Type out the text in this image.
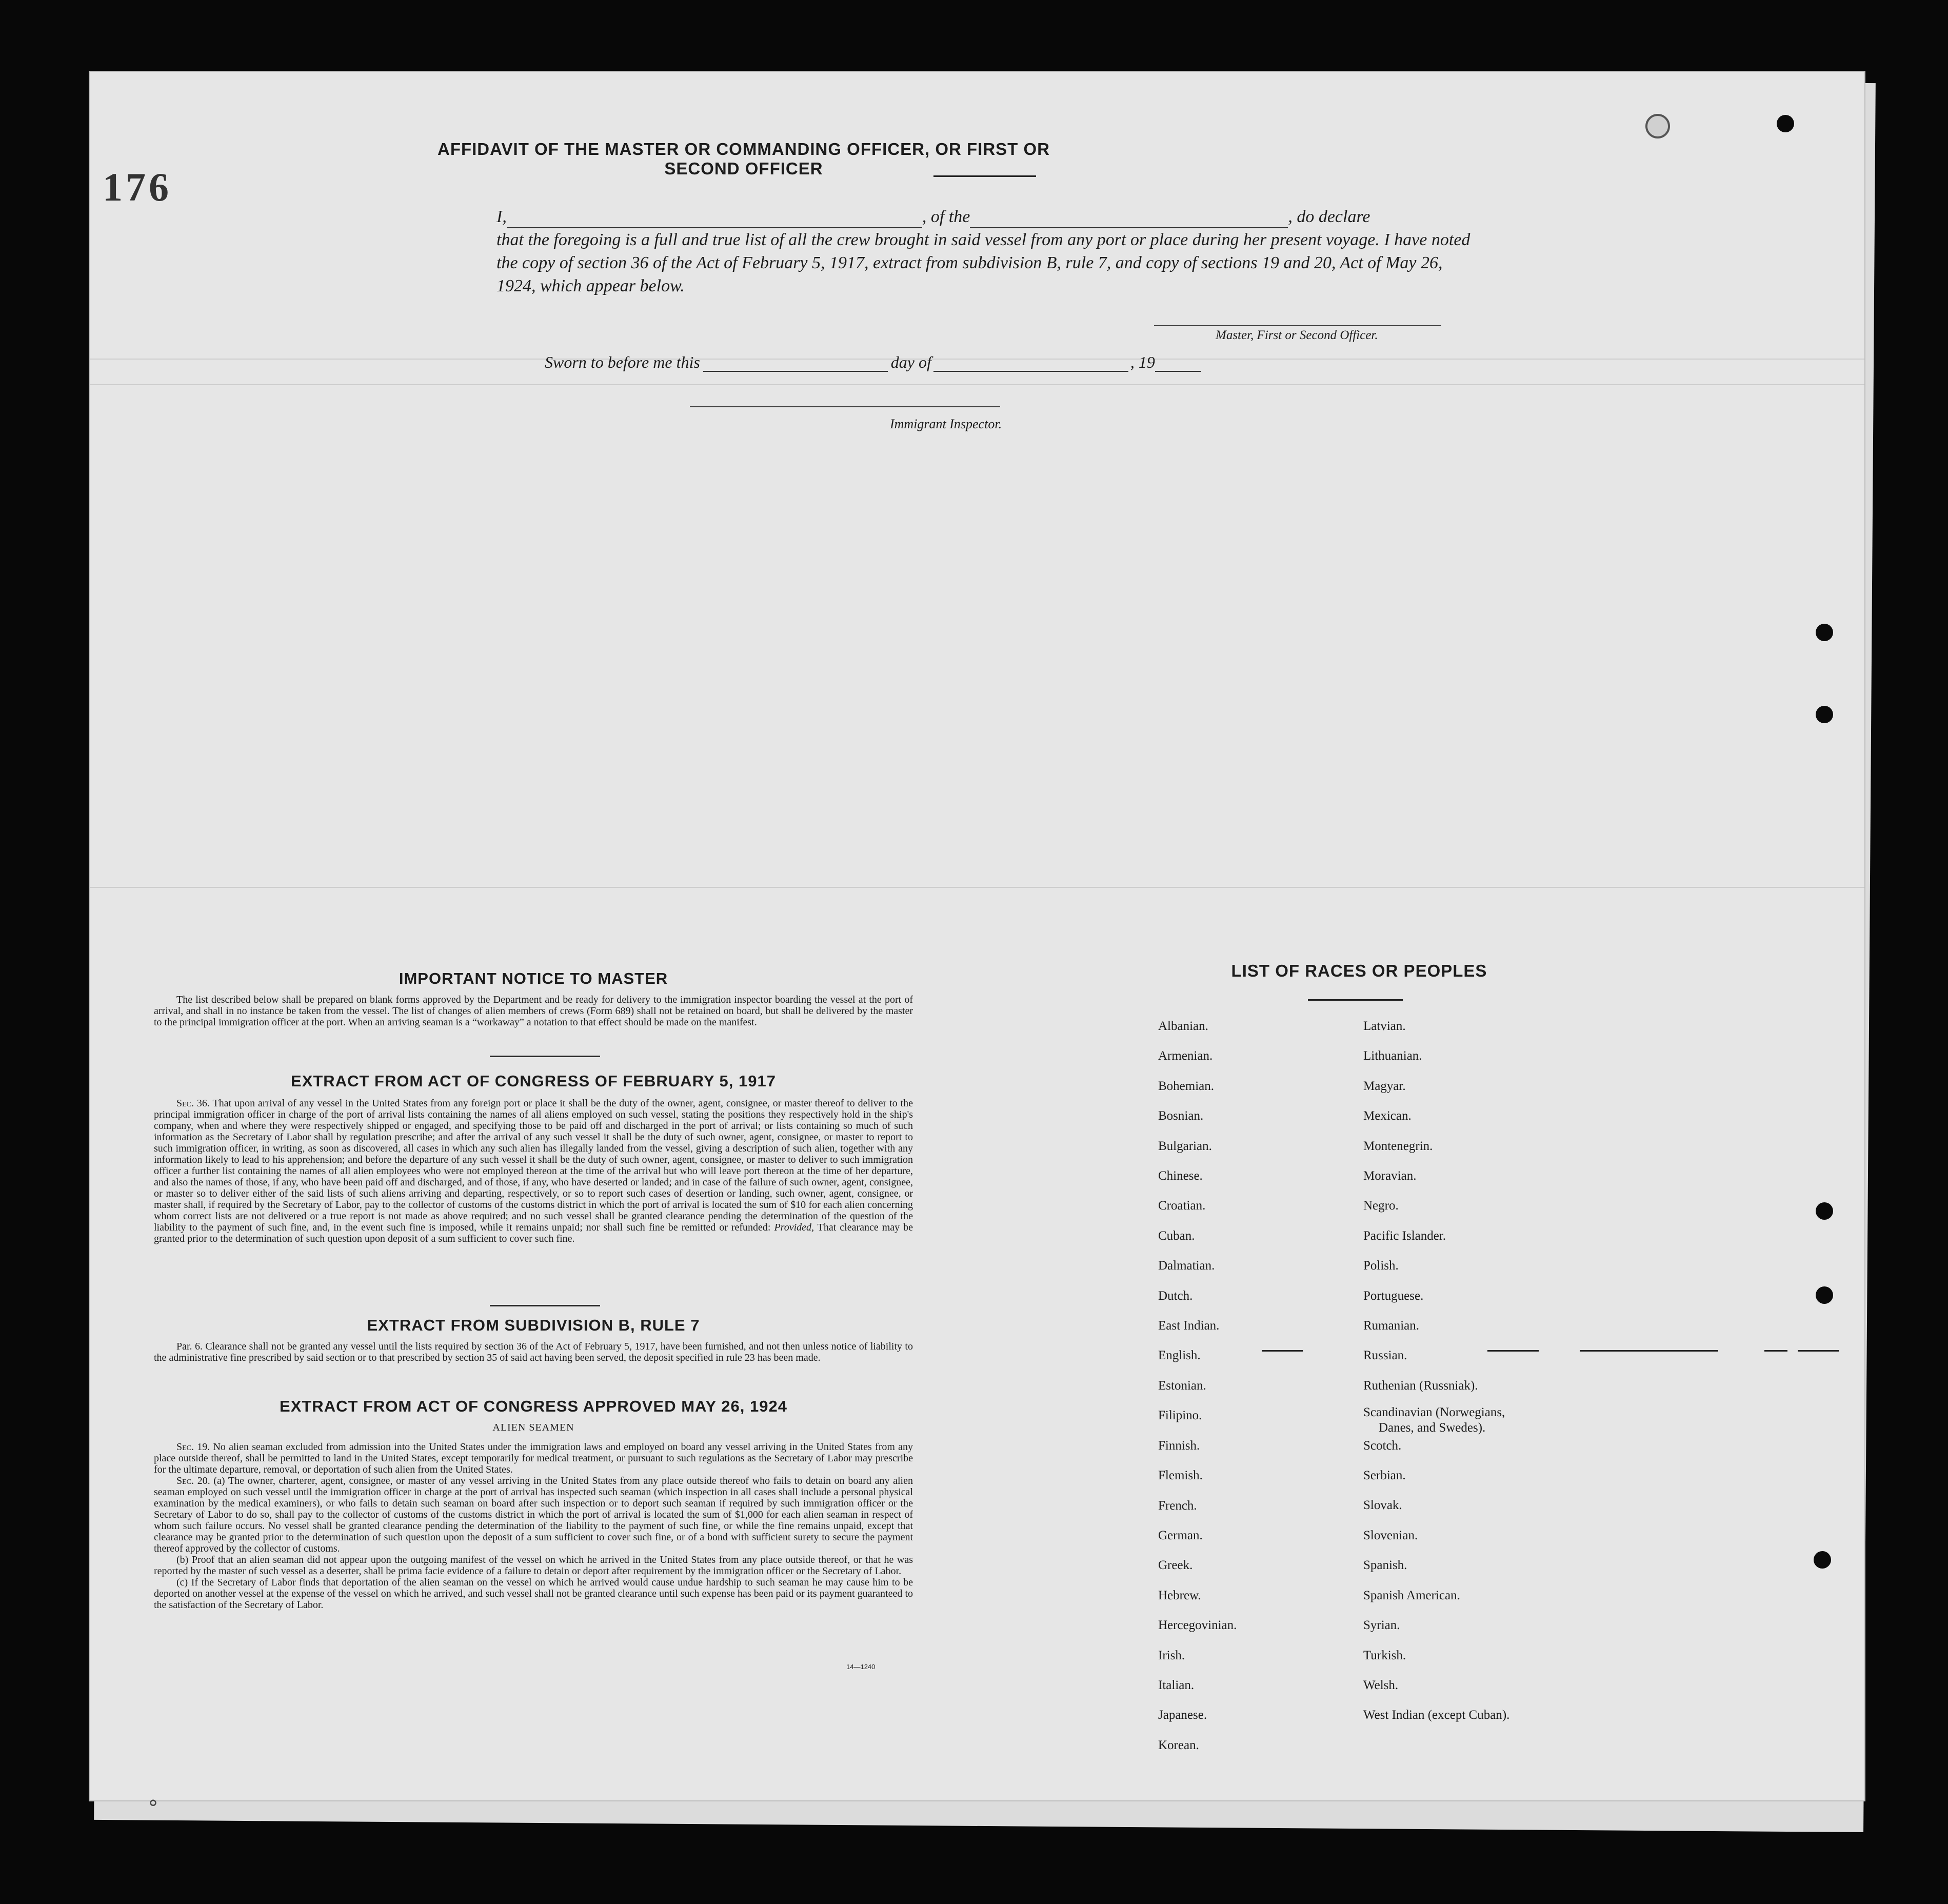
176
AFFIDAVIT OF THE MASTER OR COMMANDING OFFICER, OR FIRST OR SECOND OFFICER
I,	, of the	, do declare
that the foregoing is a full and true list of all the crew brought in said vessel from any port or place during her present voyage. I have noted the copy of section 36 of the Act of February 5, 1917, extract from subdivision B, rule 7, and copy of sections 19 and 20, Act of May 26, 1924, which appear below.
Master, First or Second Officer.
Sworn to before me this	day of	, 19
Immigrant Inspector.
IMPORTANT NOTICE TO MASTER
The list described below shall be prepared on blank forms approved by the Department and be ready for delivery to the immigration inspector boarding the vessel at the port of arrival, and shall in no instance be taken from the vessel. The list of changes of alien members of crews (Form 689) shall not be retained on board, but shall be delivered by the master to the principal immigration officer at the port. When an arriving seaman is a “workaway” a notation to that effect should be made on the manifest.
EXTRACT FROM ACT OF CONGRESS OF FEBRUARY 5, 1917

Sec. 36. That upon arrival of any vessel in the United States from any foreign port or place it shall be the duty of the owner, agent, consignee, or master thereof to deliver to the principal immigration officer in charge of the port of arrival lists containing the names of all aliens employed on such vessel, stating the positions they respectively hold in the ship's company, when and where they were respectively shipped or engaged, and specifying those to be paid off and discharged in the port of arrival; or lists containing so much of such information as the Secretary of Labor shall by regulation prescribe; and after the arrival of any such vessel it shall be the duty of such owner, agent, consignee, or master to report to such immigration officer, in writing, as soon as discovered, all cases in which any such alien has illegally landed from the vessel, giving a description of such alien, together with any information likely to lead to his apprehension; and before the departure of any such vessel it shall be the duty of such owner, agent, consignee, or master to deliver to such immigration officer a further list containing the names of all alien employees who were not employed thereon at the time of the arrival but who will leave port thereon at the time of her departure, and also the names of those, if any, who have been paid off and discharged, and of those, if any, who have deserted or landed; and in case of the failure of such owner, agent, consignee, or master so to deliver either of the said lists of such aliens arriving and departing, respectively, or so to report such cases of desertion or landing, such owner, agent, consignee, or master shall, if required by the Secretary of Labor, pay to the collector of customs of the customs district in which the port of arrival is located the sum of $10 for each alien concerning whom correct lists are not delivered or a true report is not made as above required; and no such vessel shall be granted clearance pending the determination of the question of the liability to the payment of such fine, and, in the event such fine is imposed, while it remains unpaid; nor shall such fine be remitted or refunded: Provided, That clearance may be granted prior to the determination of such question upon deposit of a sum sufficient to cover such fine.

EXTRACT FROM SUBDIVISION B, RULE 7

Par. 6. Clearance shall not be granted any vessel until the lists required by section 36 of the Act of February 5, 1917, have been furnished, and not then unless notice of liability to the administrative fine prescribed by said section or to that prescribed by section 35 of said act having been served, the deposit specified in rule 23 has been made.

EXTRACT FROM ACT OF CONGRESS APPROVED MAY 26, 1924
ALIEN SEAMEN

Sec. 19. No alien seaman excluded from admission into the United States under the immigration laws and employed on board any vessel arriving in the United States from any place outside thereof, shall be permitted to land in the United States, except temporarily for medical treatment, or pursuant to such regulations as the Secretary of Labor may prescribe for the ultimate departure, removal, or deportation of such alien from the United States.

Sec. 20. (a) The owner, charterer, agent, consignee, or master of any vessel arriving in the United States from any place outside thereof who fails to detain on board any alien seaman employed on such vessel until the immigration officer in charge at the port of arrival has inspected such seaman (which inspection in all cases shall include a personal physical examination by the medical examiners), or who fails to detain such seaman on board after such inspection or to deport such seaman if required by such immigration officer or the Secretary of Labor to do so, shall pay to the collector of customs of the customs district in which the port of arrival is located the sum of $1,000 for each alien seaman in respect of whom such failure occurs. No vessel shall be granted clearance pending the determination of the liability to the payment of such fine, or while the fine remains unpaid, except that clearance may be granted prior to the determination of such question upon the deposit of a sum sufficient to cover such fine, or of a bond with sufficient surety to secure the payment thereof approved by the collector of customs.

(b) Proof that an alien seaman did not appear upon the outgoing manifest of the vessel on which he arrived in the United States from any place outside thereof, or that he was reported by the master of such vessel as a deserter, shall be prima facie evidence of a failure to detain or deport after requirement by the immigration officer or the Secretary of Labor.

(c) If the Secretary of Labor finds that deportation of the alien seaman on the vessel on which he arrived would cause undue hardship to such seaman he may cause him to be deported on another vessel at the expense of the vessel on which he arrived, and such vessel shall not be granted clearance until such expense has been paid or its payment guaranteed to the satisfaction of the Secretary of Labor.

14—1240
LIST OF RACES OR PEOPLES
Albanian.
Armenian.
Bohemian.
Bosnian.
Bulgarian.
Chinese.
Croatian.
Cuban.
Dalmatian.
Dutch.
East Indian.
English.
Estonian.
Filipino.
Finnish.
Flemish.
French.
German.
Greek.
Hebrew.
Hercegovinian.
Irish.
Italian.
Japanese.
Korean.
Latvian.
Lithuanian.
Magyar.
Mexican.
Montenegrin.
Moravian.
Negro.
Pacific Islander.
Polish.
Portuguese.
Rumanian.
Russian.
Ruthenian (Russniak).
Scandinavian (Norwegians,
Danes, and Swedes).
Scotch.
Serbian.
Slovak.
Slovenian.
Spanish.
Spanish American.
Syrian.
Turkish.
Welsh.
West Indian (except Cuban).
∘
